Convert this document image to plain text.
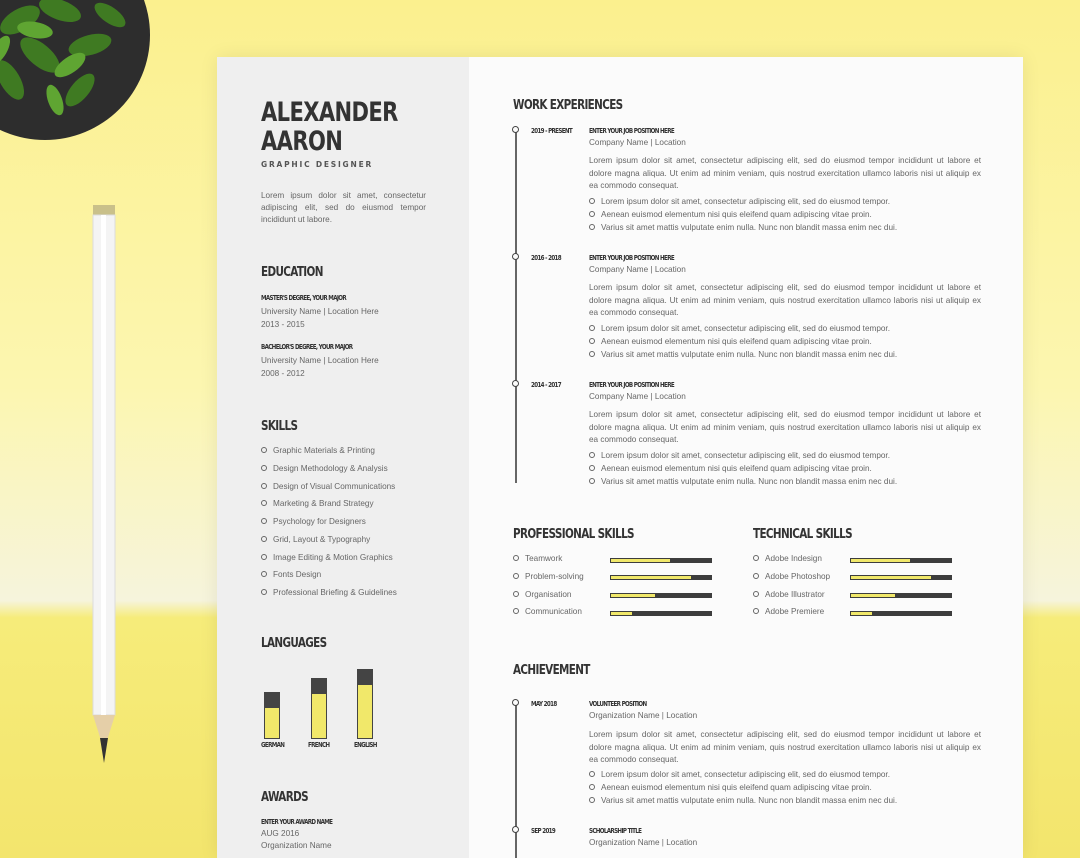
ALEXANDER
AARON
GRAPHIC DESIGNER

Lorem ipsum dolor sit amet, consectetur adipiscing elit, sed do eiusmod tempor incididunt ut labore.

EDUCATION
MASTER'S DEGREE, YOUR MAJOR
University Name | Location Here
2013 - 2015
BACHELOR'S DEGREE, YOUR MAJOR
University Name | Location Here
2008 - 2012
SKILLS
Graphic Materials & Printing
Design Methodology & Analysis
Design of Visual Communications
Marketing & Brand Strategy
Psychology for Designers
Grid, Layout & Typography
Image Editing & Motion Graphics
Fonts Design
Professional Briefing & Guidelines
LANGUAGES
GERMAN	FRENCH	ENGLISH
AWARDS
ENTER YOUR AWARD NAME
AUG 2016
Organization Name
WORK EXPERIENCES
2019 - PRESENT	ENTER YOUR JOB POSITION HERE
Company Name | Location

Lorem ipsum dolor sit amet, consectetur adipiscing elit, sed do eiusmod tempor incididunt ut labore et dolore magna aliqua. Ut enim ad minim veniam, quis nostrud exercitation ullamco laboris nisi ut aliquip ex ea commodo consequat.

Lorem ipsum dolor sit amet, consectetur adipiscing elit, sed do eiusmod tempor.
Aenean euismod elementum nisi quis eleifend quam adipiscing vitae proin.
Varius sit amet mattis vulputate enim nulla. Nunc non blandit massa enim nec dui.
2016 - 2018	ENTER YOUR JOB POSITION HERE
Company Name | Location

Lorem ipsum dolor sit amet, consectetur adipiscing elit, sed do eiusmod tempor incididunt ut labore et dolore magna aliqua. Ut enim ad minim veniam, quis nostrud exercitation ullamco laboris nisi ut aliquip ex ea commodo consequat.

Lorem ipsum dolor sit amet, consectetur adipiscing elit, sed do eiusmod tempor.
Aenean euismod elementum nisi quis eleifend quam adipiscing vitae proin.
Varius sit amet mattis vulputate enim nulla. Nunc non blandit massa enim nec dui.
2014 - 2017	ENTER YOUR JOB POSITION HERE
Company Name | Location

Lorem ipsum dolor sit amet, consectetur adipiscing elit, sed do eiusmod tempor incididunt ut labore et dolore magna aliqua. Ut enim ad minim veniam, quis nostrud exercitation ullamco laboris nisi ut aliquip ex ea commodo consequat.

Lorem ipsum dolor sit amet, consectetur adipiscing elit, sed do eiusmod tempor.
Aenean euismod elementum nisi quis eleifend quam adipiscing vitae proin.
Varius sit amet mattis vulputate enim nulla. Nunc non blandit massa enim nec dui.
PROFESSIONAL SKILLS	TECHNICAL SKILLS
Teamwork
Problem-solving
Organisation
Communication
Adobe Indesign
Adobe Photoshop
Adobe Illustrator
Adobe Premiere
ACHIEVEMENT
MAY 2018	VOLUNTEER POSITION
Organization Name | Location

Lorem ipsum dolor sit amet, consectetur adipiscing elit, sed do eiusmod tempor incididunt ut labore et dolore magna aliqua. Ut enim ad minim veniam, quis nostrud exercitation ullamco laboris nisi ut aliquip ex ea commodo consequat.

Lorem ipsum dolor sit amet, consectetur adipiscing elit, sed do eiusmod tempor.
Aenean euismod elementum nisi quis eleifend quam adipiscing vitae proin.
Varius sit amet mattis vulputate enim nulla. Nunc non blandit massa enim nec dui.
SEP 2019	SCHOLARSHIP TITLE
Organization Name | Location
